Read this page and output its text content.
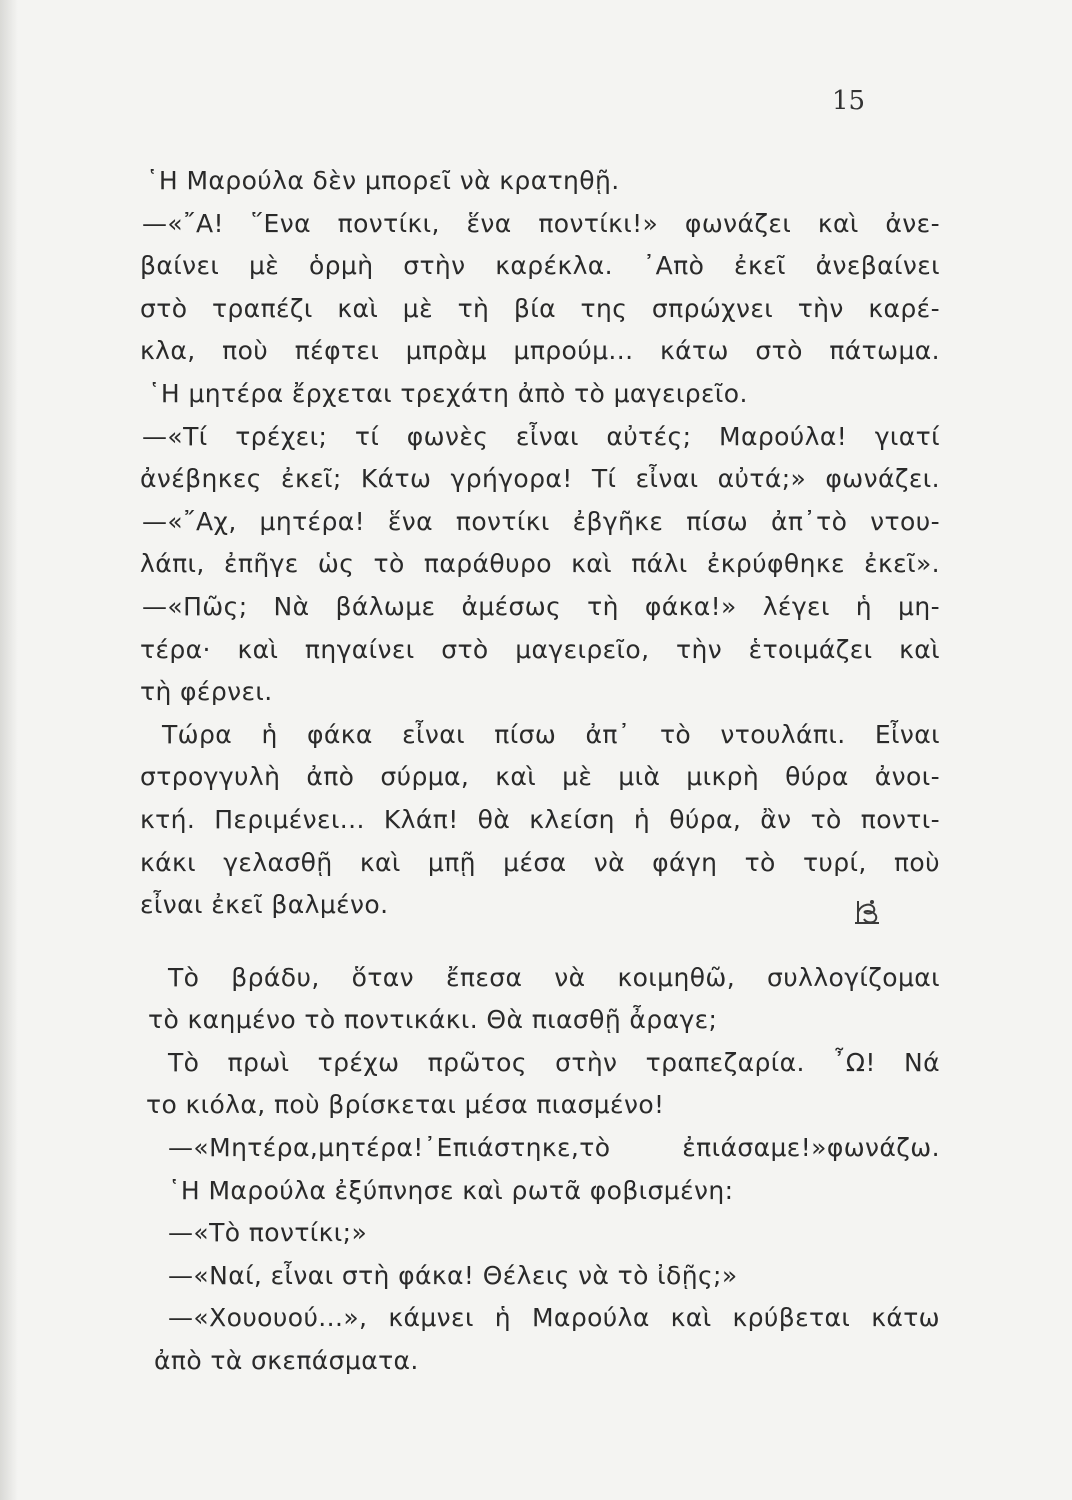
15
῾Η Μαρούλα δὲν μπορεῖ νὰ κρατηθῇ.
—«῎Α! ῞Ενα ποντίκι, ἕνα ποντίκι!» φωνάζει καὶ ἀνε-
βαίνει μὲ ὁρμὴ στὴν καρέκλα. ᾽Απὸ ἐκεῖ ἀνεβαίνει
στὸ τραπέζι καὶ μὲ τὴ βία της σπρώχνει τὴν καρέ-
κλα, ποὺ πέφτει μπρὰμ μπρούμ... κάτω στὸ πάτωμα.
῾Η μητέρα ἔρχεται τρεχάτη ἀπὸ τὸ μαγειρεῖο.
—«Τί τρέχει; τί φωνὲς εἶναι αὐτές; Μαρούλα! γιατί
ἀνέβηκες ἐκεῖ; Κάτω γρήγορα! Τί εἶναι αὐτά;» φωνάζει.
—«῎Αχ, μητέρα! ἕνα ποντίκι ἐβγῆκε πίσω ἀπ᾽τὸ ντου-
λάπι, ἐπῆγε ὡς τὸ παράθυρο καὶ πάλι ἐκρύφθηκε ἐκεῖ».
—«Πῶς; Νὰ βάλωμε ἀμέσως τὴ φάκα!» λέγει ἡ μη-
τέρα· καὶ πηγαίνει στὸ μαγειρεῖο, τὴν ἑτοιμάζει καὶ
τὴ φέρνει.
Τώρα ἡ φάκα εἶναι πίσω ἀπ᾽ τὸ ντουλάπι. Εἶναι
στρογγυλὴ ἀπὸ σύρμα, καὶ μὲ μιὰ μικρὴ θύρα ἀνοι-
κτή. Περιμένει... Κλάπ! θὰ κλείση ἡ θύρα, ἂν τὸ ποντι-
κάκι γελασθῇ καὶ μπῇ μέσα νὰ φάγη τὸ τυρί, ποὺ
εἶναι ἐκεῖ βαλμένο.
Τὸ βράδυ, ὅταν ἔπεσα νὰ κοιμηθῶ, συλλογίζομαι
τὸ καημένο τὸ ποντικάκι. Θὰ πιασθῇ ἆραγε;
Τὸ πρωὶ τρέχω πρῶτος στὴν τραπεζαρία. ῏Ω! Νά
το κιόλα, ποὺ βρίσκεται μέσα πιασμένο!
—«Μητέρα,μητέρα!᾽Επιάστηκε,τὸ ἐπιάσαμε!»φωνάζω.
῾Η Μαρούλα ἐξύπνησε καὶ ρωτᾶ φοβισμένη:
—«Τὸ ποντίκι;»
—«Ναί, εἶναι στὴ φάκα! Θέλεις νὰ τὸ ἰδῇς;»
—«Χουουού...», κάμνει ἡ Μαρούλα καὶ κρύβεται κάτω
ἀπὸ τὰ σκεπάσματα.
